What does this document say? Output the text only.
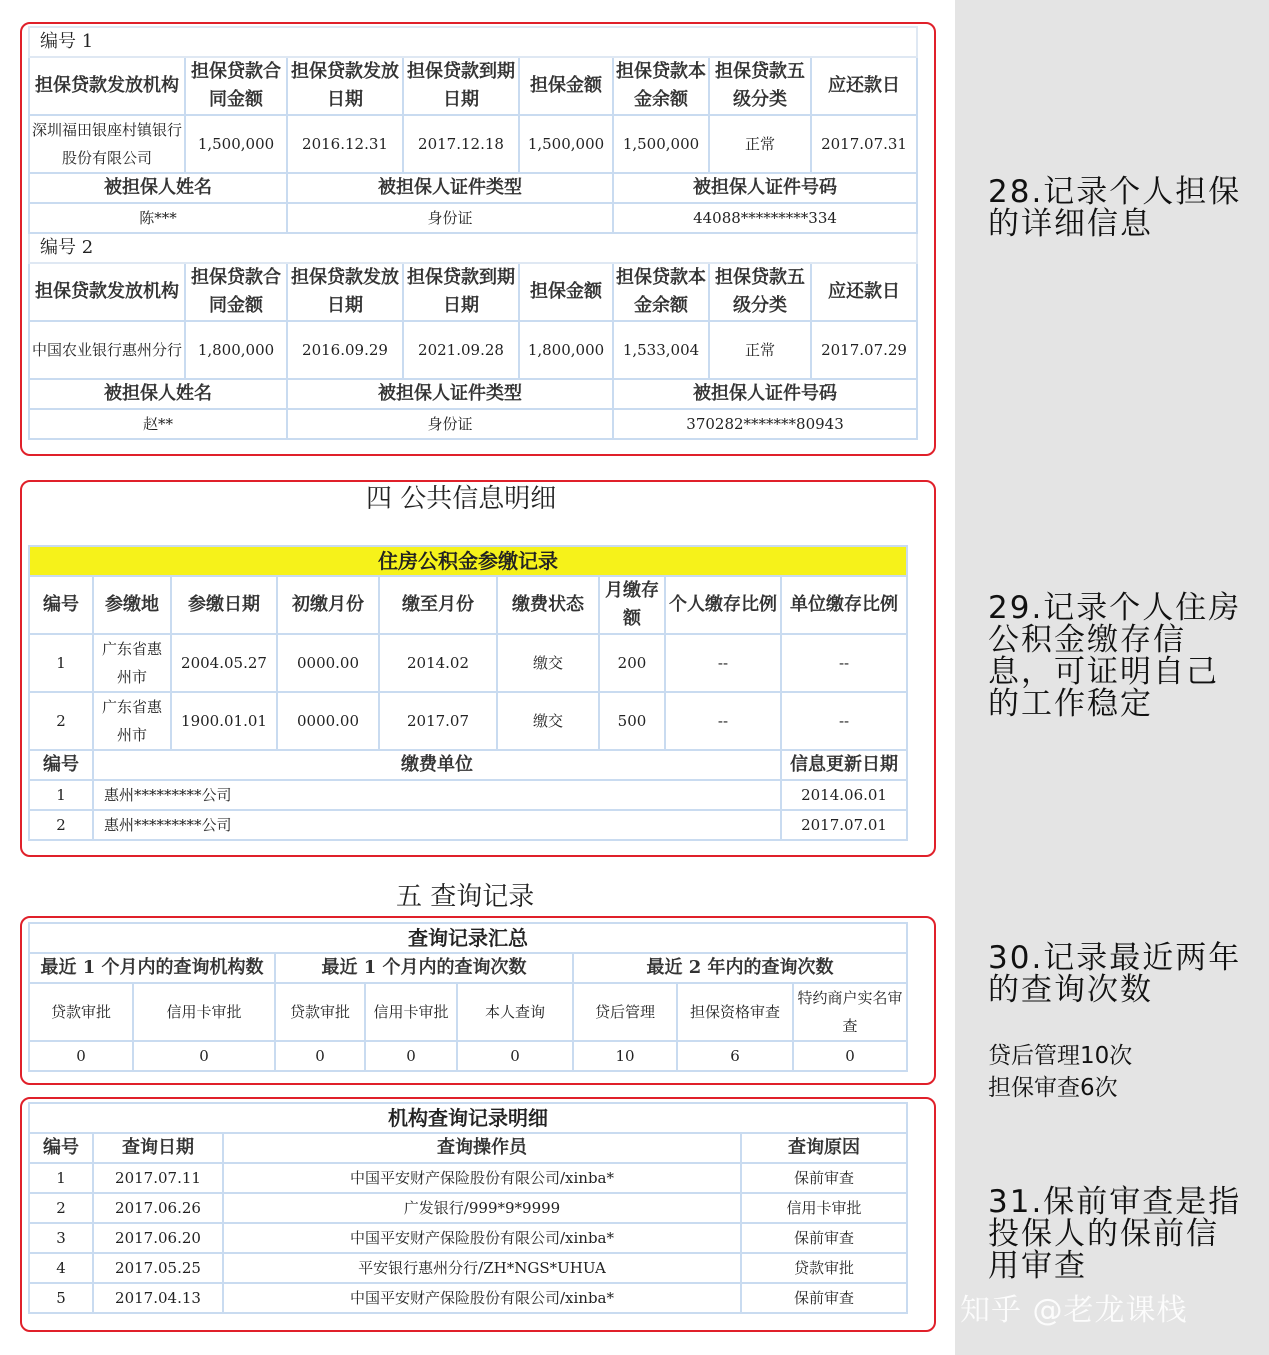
28.记录个人担保的详细信息
29.记录个人住房公积金缴存信息，可证明自己的工作稳定
30.记录最近两年的查询次数
贷后管理10次
担保审查6次
31.保前审查是指投保人的保前信用审查
知乎 @老龙课栈
编号 1							
担保贷款发放机构	担保贷款合同金额	担保贷款发放日期	担保贷款到期日期	担保金额	担保贷款本金余额	担保贷款五级分类	应还款日
深圳福田银座村镇银行股份有限公司	1,500,000	2016.12.31	2017.12.18	1,500,000	1,500,000	正常	2017.07.31
被担保人姓名		被担保人证件类型			被担保人证件号码		
陈***		身份证			44088*********334		
编号 2							
担保贷款发放机构	担保贷款合同金额	担保贷款发放日期	担保贷款到期日期	担保金额	担保贷款本金余额	担保贷款五级分类	应还款日
中国农业银行惠州分行	1,800,000	2016.09.29	2021.09.28	1,800,000	1,533,004	正常	2017.07.29
被担保人姓名		被担保人证件类型			被担保人证件号码		
赵**		身份证			370282*******80943		
四 公共信息明细
住房公积金参缴记录								
编号	参缴地	参缴日期	初缴月份	缴至月份	缴费状态	月缴存额	个人缴存比例	单位缴存比例
1	广东省惠州市	2004.05.27	0000.00	2014.02	缴交	200	--	--
2	广东省惠州市	1900.01.01	0000.00	2017.07	缴交	500	--	--
编号	缴费单位							信息更新日期
1	惠州*********公司							2014.06.01
2	惠州*********公司							2017.07.01
五 查询记录
查询记录汇总							
最近 1 个月内的查询机构数		最近 1 个月内的查询次数			最近 2 年内的查询次数		
贷款审批	信用卡审批	贷款审批	信用卡审批	本人查询	贷后管理	担保资格审查	特约商户实名审查
0	0	0	0	0	10	6	0
机构查询记录明细			
编号	查询日期	查询操作员	查询原因
1	2017.07.11	中国平安财产保险股份有限公司/xinba*	保前审查
2	2017.06.26	广发银行/999*9*9999	信用卡审批
3	2017.06.20	中国平安财产保险股份有限公司/xinba*	保前审查
4	2017.05.25	平安银行惠州分行/ZH*NGS*UHUA	贷款审批
5	2017.04.13	中国平安财产保险股份有限公司/xinba*	保前审查
